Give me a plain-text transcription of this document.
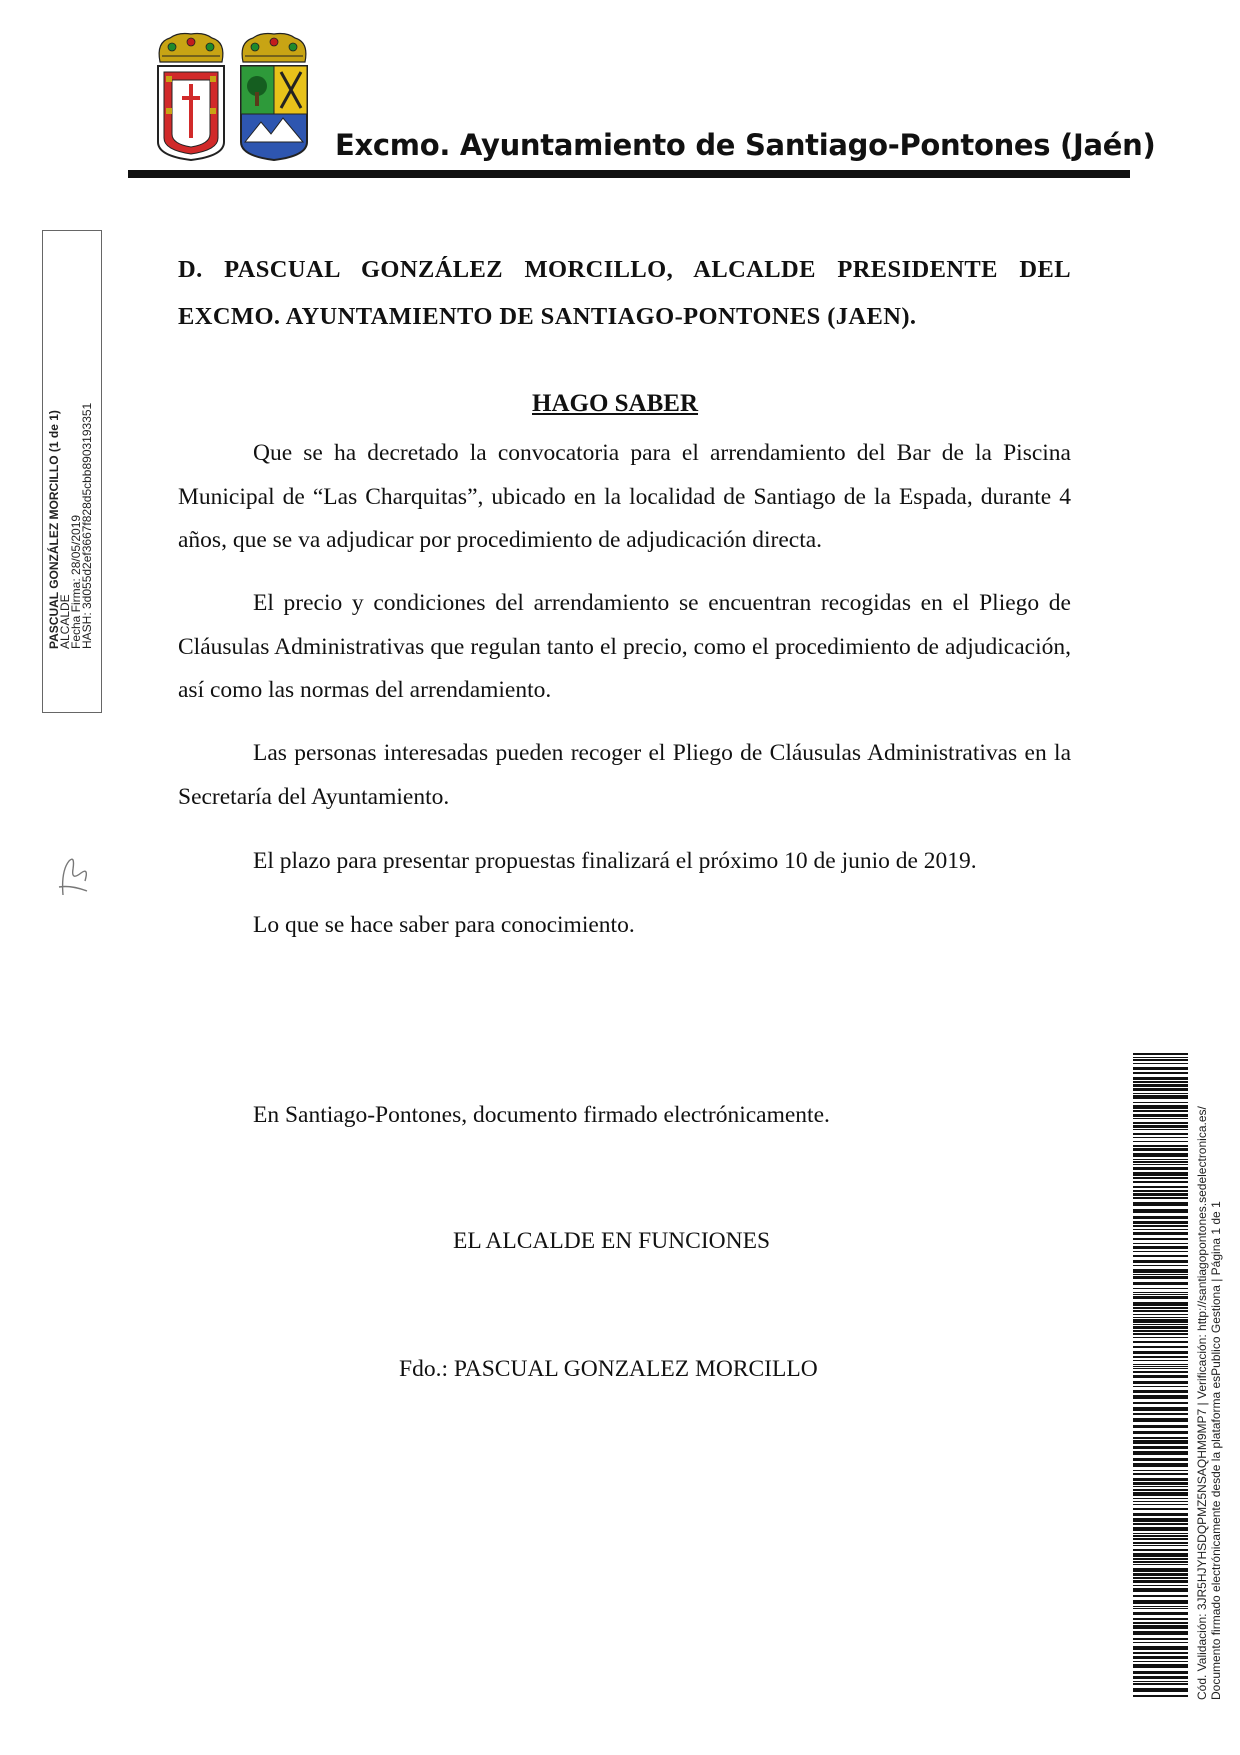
Excmo. Ayuntamiento de Santiago-Pontones (Jaén)
PASCUAL GONZÁLEZ MORCILLO (1 de 1)
ALCALDE
Fecha Firma: 28/05/2019
HASH: 3d055d2ef3667f828d5cbb8903193351
D. PASCUAL GONZÁLEZ MORCILLO, ALCALDE PRESIDENTE DEL EXCMO. AYUNTAMIENTO DE SANTIAGO-PONTONES (JAEN).
HAGO SABER

Que se ha decretado la convocatoria para el arrendamiento del Bar de la Piscina Municipal de “Las Charquitas”, ubicado en la localidad de Santiago de la Espada, durante 4 años, que se va adjudicar por procedimiento de adjudicación directa.

El precio y condiciones del arrendamiento se encuentran recogidas en el Pliego de Cláusulas Administrativas que regulan tanto el precio, como el procedimiento de adjudicación, así como las normas del arrendamiento.

Las personas interesadas pueden recoger el Pliego de Cláusulas Administrativas en la Secretaría del Ayuntamiento.

El plazo para presentar propuestas finalizará el próximo 10 de junio de 2019.
Lo que se hace saber para conocimiento.
En Santiago-Pontones, documento firmado electrónicamente.
EL ALCALDE EN FUNCIONES
Fdo.: PASCUAL GONZALEZ MORCILLO	Cód. Validación: 3JR5HJYHSDQPMZ5NSAQHM9MP7 | Verificación: http://santiagopontones.sedelectronica.es/ Documento firmado electrónicamente desde la plataforma esPublico Gestiona | Página 1 de 1
